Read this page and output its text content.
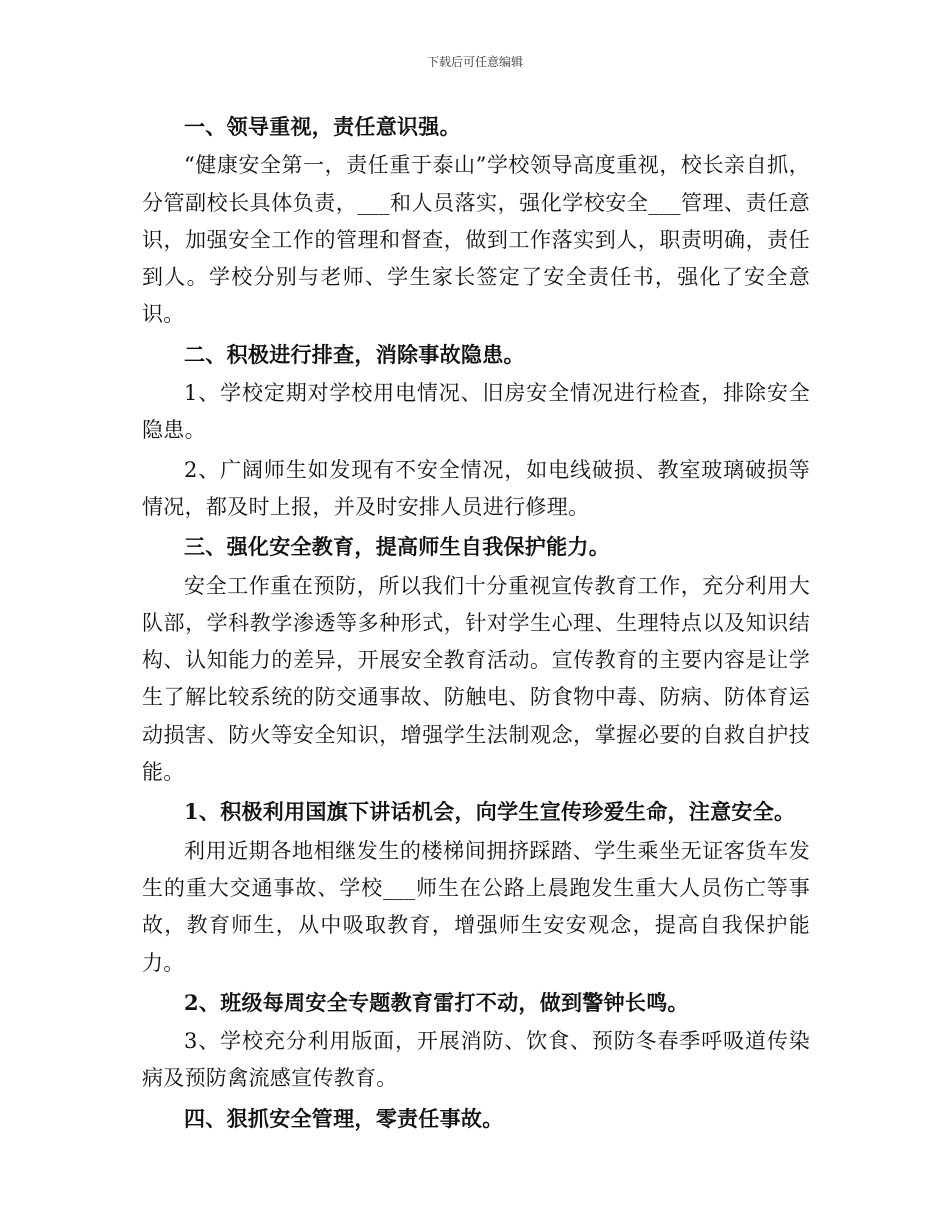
下载后可任意编辑

一、领导重视，责任意识强。

“健康安全第一，责任重于泰山”学校领导高度重视，校长亲自抓，分管副校长具体负责，___和人员落实，强化学校安全___管理、责任意识，加强安全工作的管理和督查，做到工作落实到人，职责明确，责任到人。学校分别与老师、学生家长签定了安全责任书，强化了安全意识。

二、积极进行排查，消除事故隐患。

1、学校定期对学校用电情况、旧房安全情况进行检查，排除安全隐患。

2、广阔师生如发现有不安全情况，如电线破损、教室玻璃破损等情况，都及时上报，并及时安排人员进行修理。

三、强化安全教育，提高师生自我保护能力。

安全工作重在预防，所以我们十分重视宣传教育工作，充分利用大队部，学科教学渗透等多种形式，针对学生心理、生理特点以及知识结构、认知能力的差异，开展安全教育活动。宣传教育的主要内容是让学生了解比较系统的防交通事故、防触电、防食物中毒、防病、防体育运动损害、防火等安全知识，增强学生法制观念，掌握必要的自救自护技能。

1、积极利用国旗下讲话机会，向学生宣传珍爱生命，注意安全。

利用近期各地相继发生的楼梯间拥挤踩踏、学生乘坐无证客货车发生的重大交通事故、学校___师生在公路上晨跑发生重大人员伤亡等事故，教育师生，从中吸取教育，增强师生安安观念，提高自我保护能力。

2、班级每周安全专题教育雷打不动，做到警钟长鸣。

3、学校充分利用版面，开展消防、饮食、预防冬春季呼吸道传染病及预防禽流感宣传教育。

四、狠抓安全管理，零责任事故。
